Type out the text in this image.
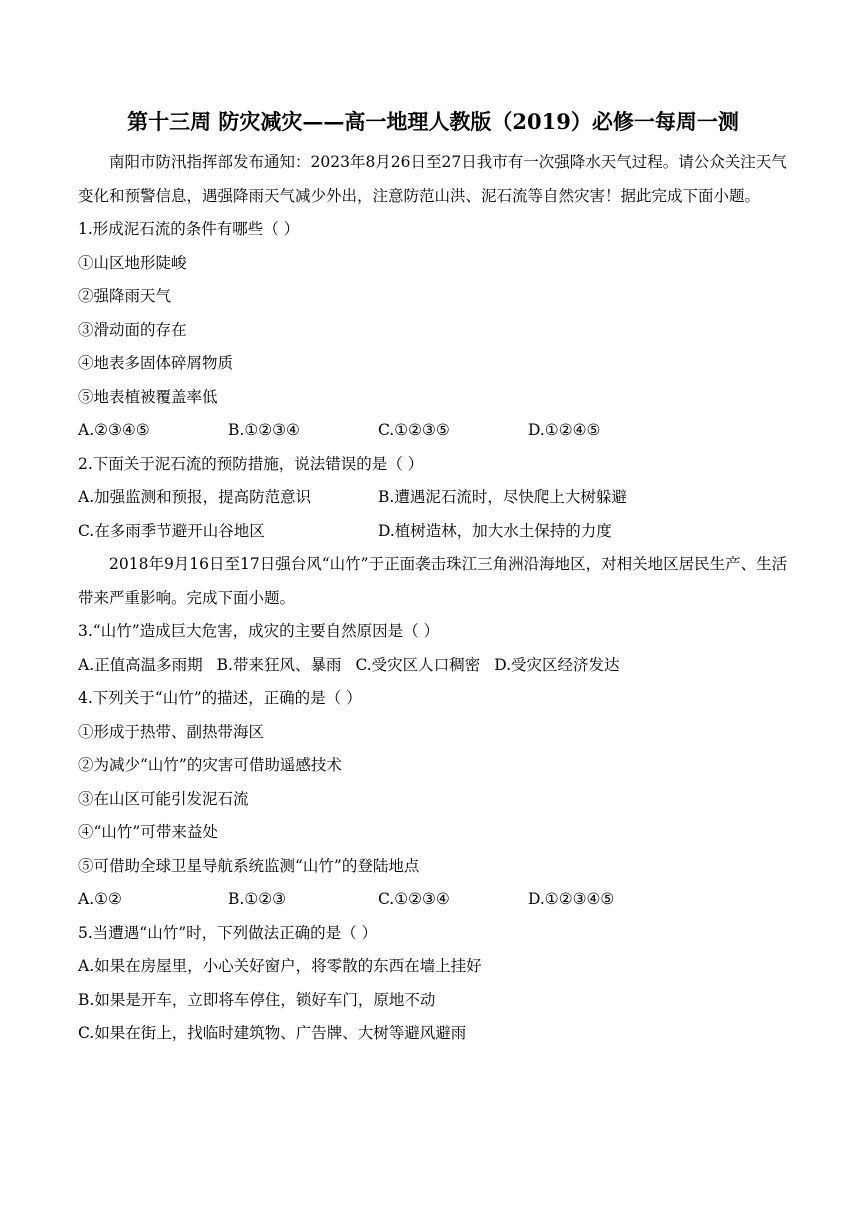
第十三周 防灾减灾——高一地理人教版（2019）必修一每周一测
南阳市防汛指挥部发布通知：2023年8月26日至27日我市有一次强降水天气过程。请公众关注天气变化和预警信息，遇强降雨天气减少外出，注意防范山洪、泥石流等自然灾害！据此完成下面小题。
1.形成泥石流的条件有哪些（ ）
①山区地形陡峻
②强降雨天气
③滑动面的存在
④地表多固体碎屑物质
⑤地表植被覆盖率低
A.②③④⑤	B.①②③④	C.①②③⑤	D.①②④⑤
2.下面关于泥石流的预防措施，说法错误的是（ ）
A.加强监测和预报，提高防范意识	B.遭遇泥石流时，尽快爬上大树躲避
C.在多雨季节避开山谷地区	D.植树造林，加大水土保持的力度
2018年9月16日至17日强台风“山竹”于正面袭击珠江三角洲沿海地区，对相关地区居民生产、生活带来严重影响。完成下面小题。
3.“山竹”造成巨大危害，成灾的主要自然原因是（ ）
A.正值高温多雨期 B.带来狂风、暴雨 C.受灾区人口稠密 D.受灾区经济发达
4.下列关于“山竹”的描述，正确的是（ ）
①形成于热带、副热带海区
②为减少“山竹”的灾害可借助遥感技术
③在山区可能引发泥石流
④“山竹”可带来益处
⑤可借助全球卫星导航系统监测“山竹”的登陆地点
A.①②	B.①②③	C.①②③④	D.①②③④⑤
5.当遭遇“山竹”时，下列做法正确的是（ ）
A.如果在房屋里，小心关好窗户，将零散的东西在墙上挂好
B.如果是开车，立即将车停住，锁好车门，原地不动
C.如果在街上，找临时建筑物、广告牌、大树等避风避雨
